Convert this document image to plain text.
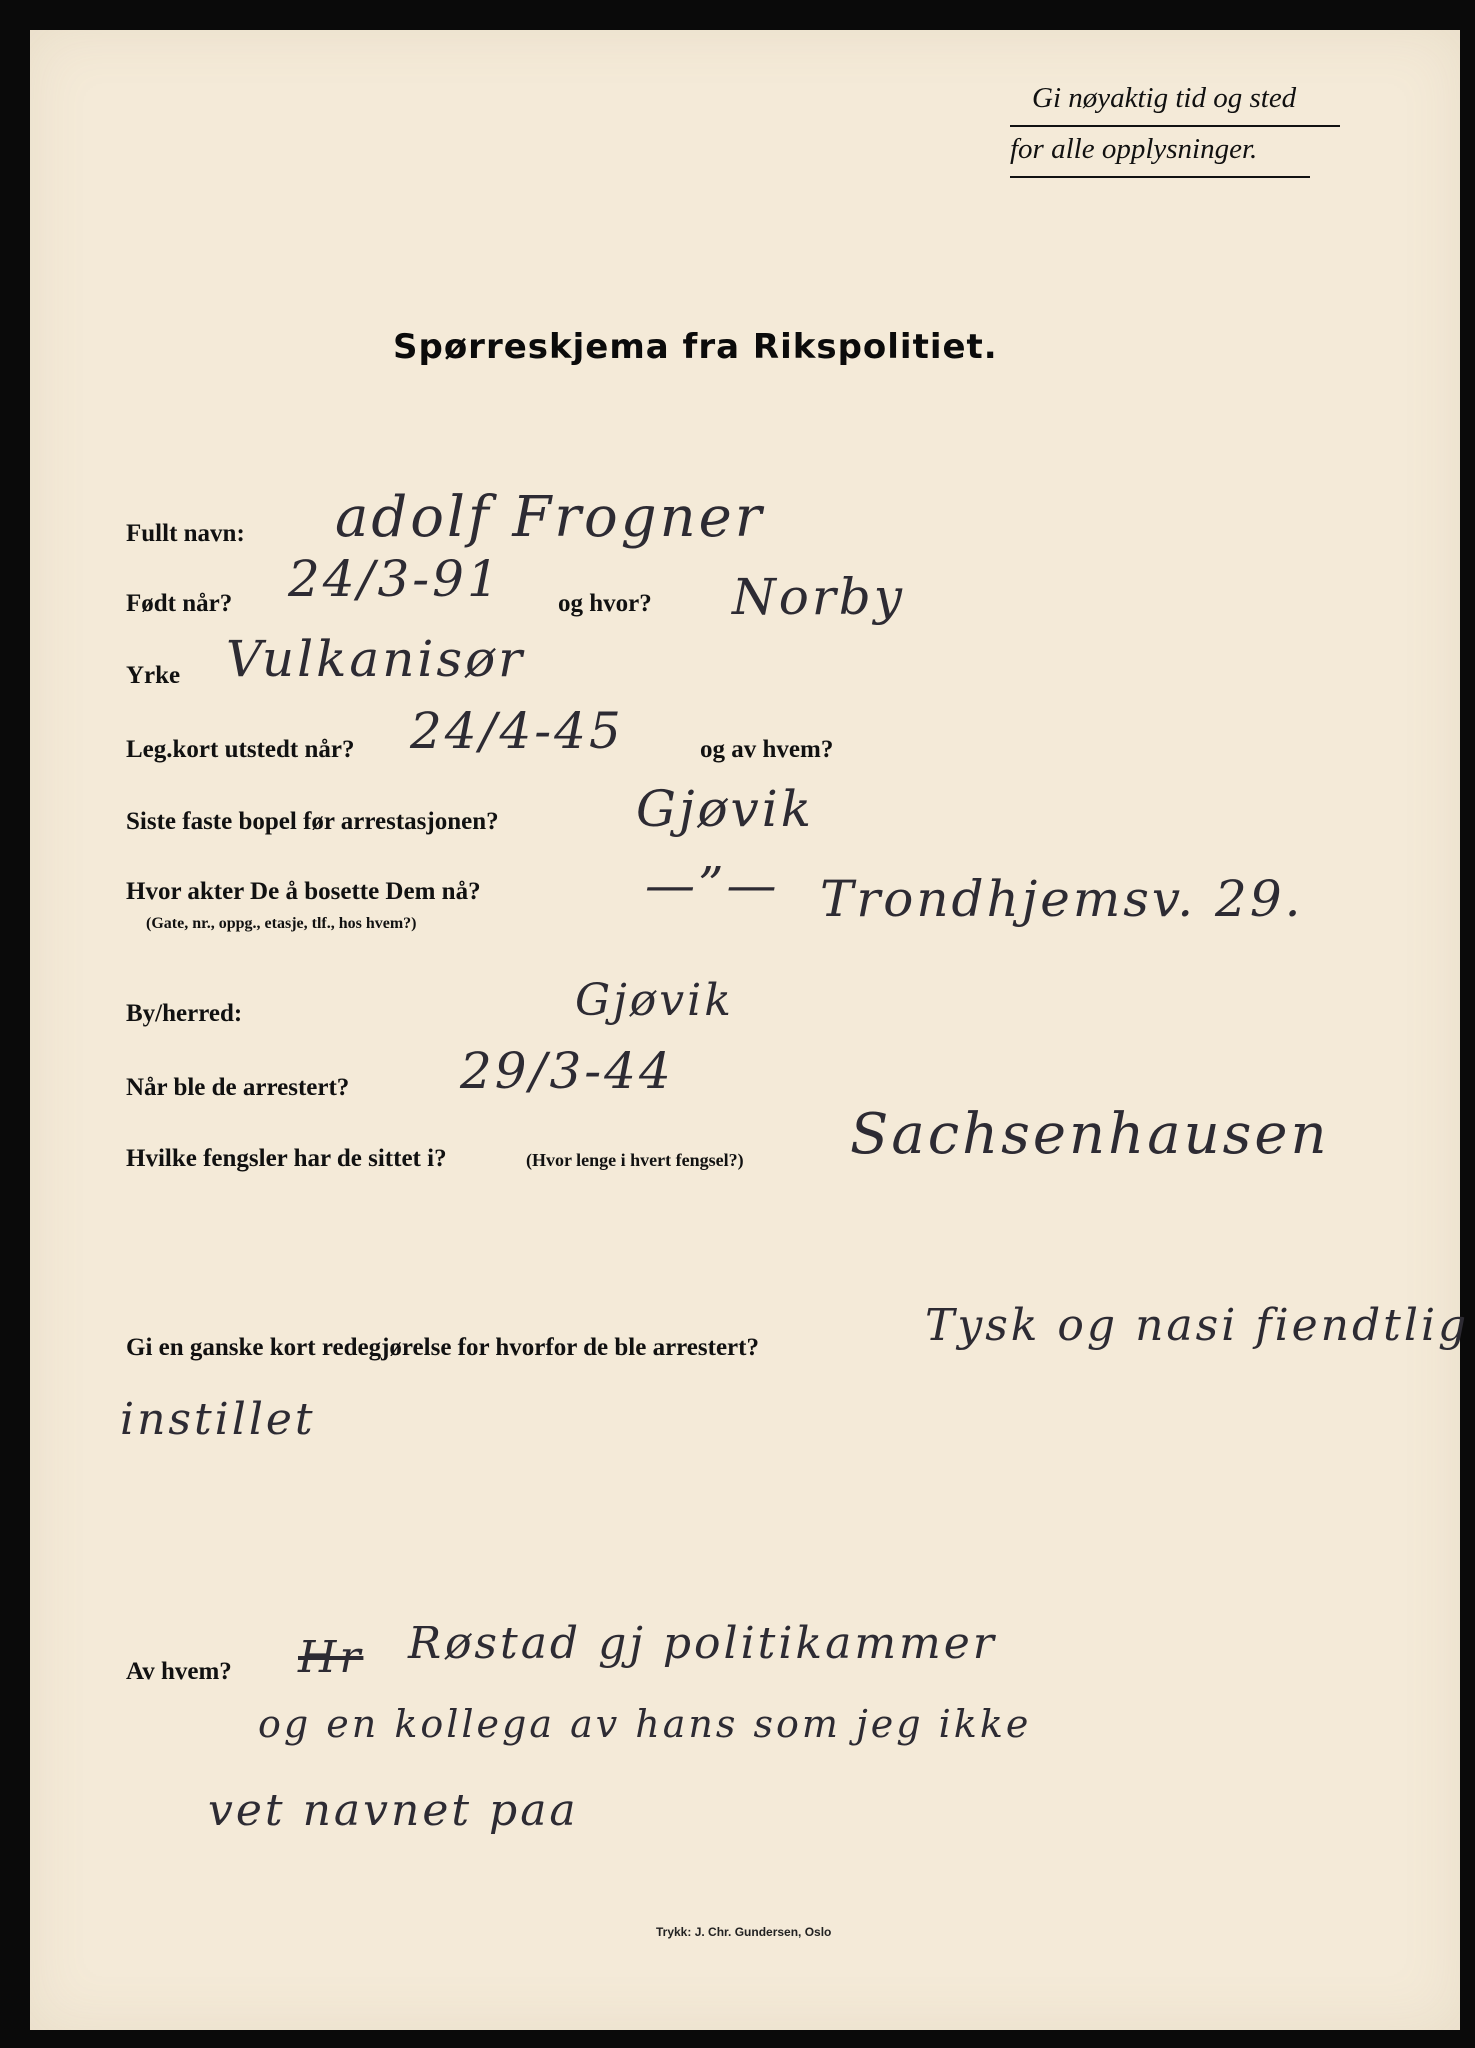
Gi nøyaktig tid og sted
for alle opplysninger.
Spørreskjema fra Rikspolitiet.
Fullt navn: adolf Frogner
Født når? 24/3-91 og hvor? Norby
Yrke Vulkanisør
Leg.kort utstedt når? 24/4-45	og av hvem?
Siste faste bopel før arrestasjonen?	Gjøvik
Hvor akter De å bosette Dem nå?
(Gate, nr., oppg., etasje, tlf., hos hvem?)
—”— Trondhjemsv. 29.
By/herred:	Gjøvik
Når ble de arrestert? 29/3-44
Hvilke fengsler har de sittet i?	(Hvor lenge i hvert fengsel?) Sachsenhausen
Gi en ganske kort redegjørelse for hvorfor de ble arrestert?	Tysk og nasi fiendtlig
instillet
Av hvem? Hr Røstad gj politikammer
og en kollega av hans som jeg ikke
vet navnet paa
Trykk: J. Chr. Gundersen, Oslo
